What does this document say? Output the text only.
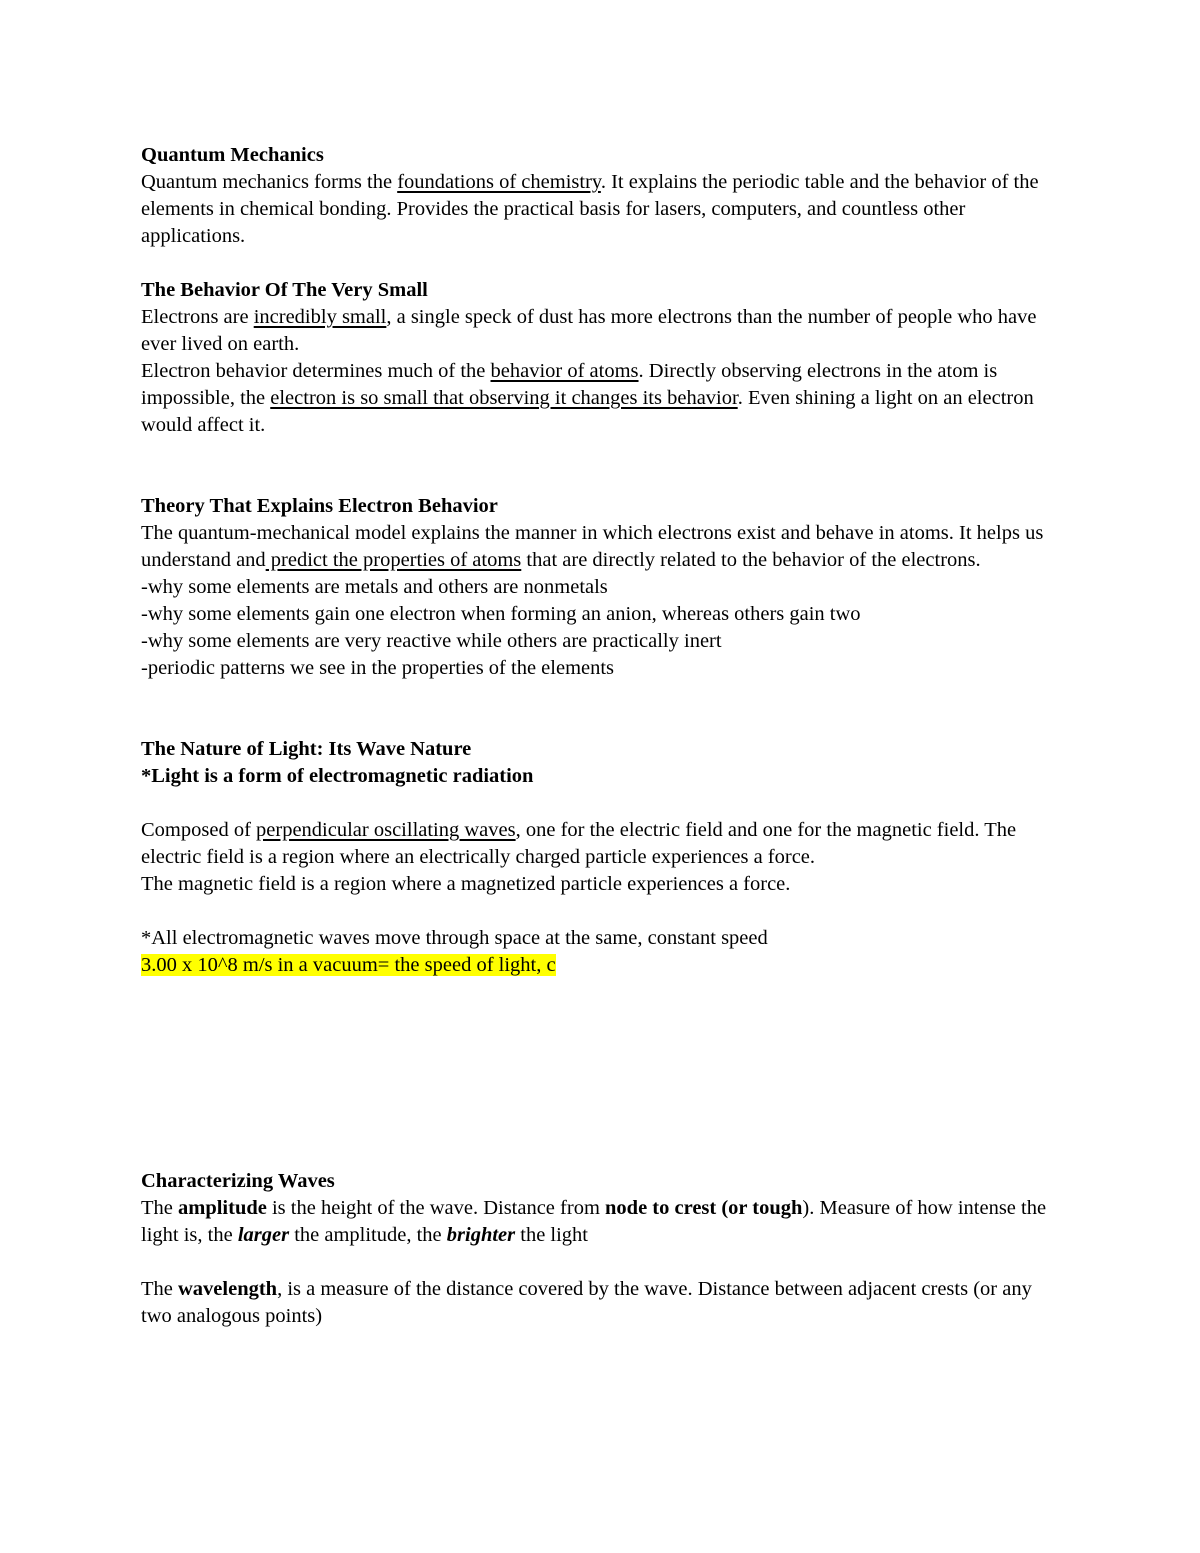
Quantum Mechanics

Quantum mechanics forms the foundations of chemistry. It explains the periodic table and the behavior of the elements in chemical bonding. Provides the practical basis for lasers, computers, and countless other applications.

The Behavior Of The Very Small

Electrons are incredibly small, a single speck of dust has more electrons than the number of people who have ever lived on earth.

Electron behavior determines much of the behavior of atoms. Directly observing electrons in the atom is impossible, the electron is so small that observing it changes its behavior. Even shining a light on an electron would affect it.

Theory That Explains Electron Behavior

The quantum-mechanical model explains the manner in which electrons exist and behave in atoms. It helps us understand and predict the properties of atoms that are directly related to the behavior of the electrons.

-why some elements are metals and others are nonmetals

-why some elements gain one electron when forming an anion, whereas others gain two

-why some elements are very reactive while others are practically inert

-periodic patterns we see in the properties of the elements

The Nature of Light: Its Wave Nature

*Light is a form of electromagnetic radiation

Composed of perpendicular oscillating waves, one for the electric field and one for the magnetic field. The electric field is a region where an electrically charged particle experiences a force.

The magnetic field is a region where a magnetized particle experiences a force.

*All electromagnetic waves move through space at the same, constant speed

3.00 x 10^8 m/s in a vacuum= the speed of light, c

Characterizing Waves

The amplitude is the height of the wave. Distance from node to crest (or tough). Measure of how intense the light is, the larger the amplitude, the brighter the light

The wavelength, is a measure of the distance covered by the wave. Distance between adjacent crests (or any two analogous points)
